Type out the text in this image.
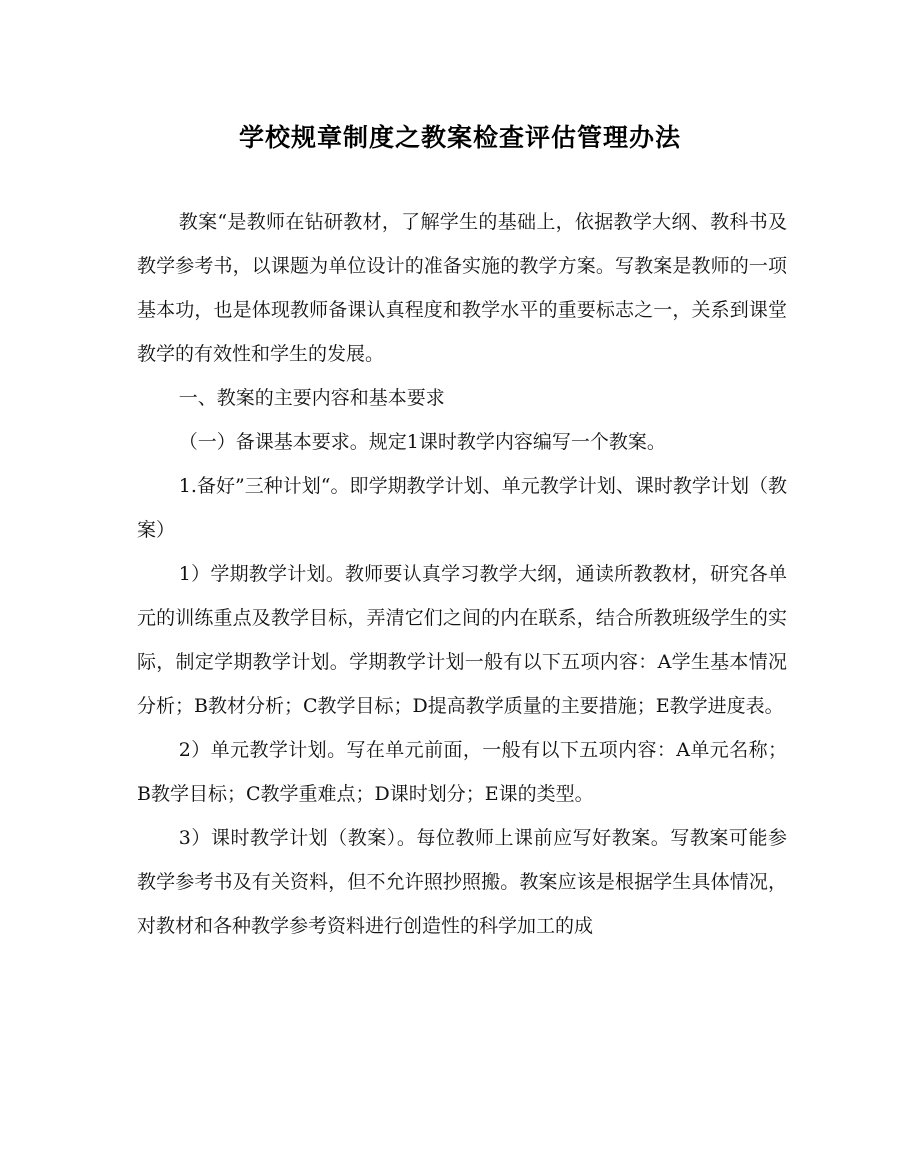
学校规章制度之教案检查评估管理办法

教案“是教师在钻研教材，了解学生的基础上，依据教学大纲、教科书及教学参考书，以课题为单位设计的准备实施的教学方案。写教案是教师的一项基本功，也是体现教师备课认真程度和教学水平的重要标志之一，关系到课堂教学的有效性和学生的发展。

一、教案的主要内容和基本要求

（一）备课基本要求。规定1课时教学内容编写一个教案。

1.备好”三种计划“。即学期教学计划、单元教学计划、课时教学计划（教案）

1）学期教学计划。教师要认真学习教学大纲，通读所教教材，研究各单元的训练重点及教学目标，弄清它们之间的内在联系，结合所教班级学生的实际，制定学期教学计划。学期教学计划一般有以下五项内容：A学生基本情况分析；B教材分析；C教学目标；D提高教学质量的主要措施；E教学进度表。

2）单元教学计划。写在单元前面，一般有以下五项内容：A单元名称；B教学目标；C教学重难点；D课时划分；E课的类型。

3）课时教学计划（教案）。每位教师上课前应写好教案。写教案可能参教学参考书及有关资料，但不允许照抄照搬。教案应该是根据学生具体情况，对教材和各种教学参考资料进行创造性的科学加工的成
